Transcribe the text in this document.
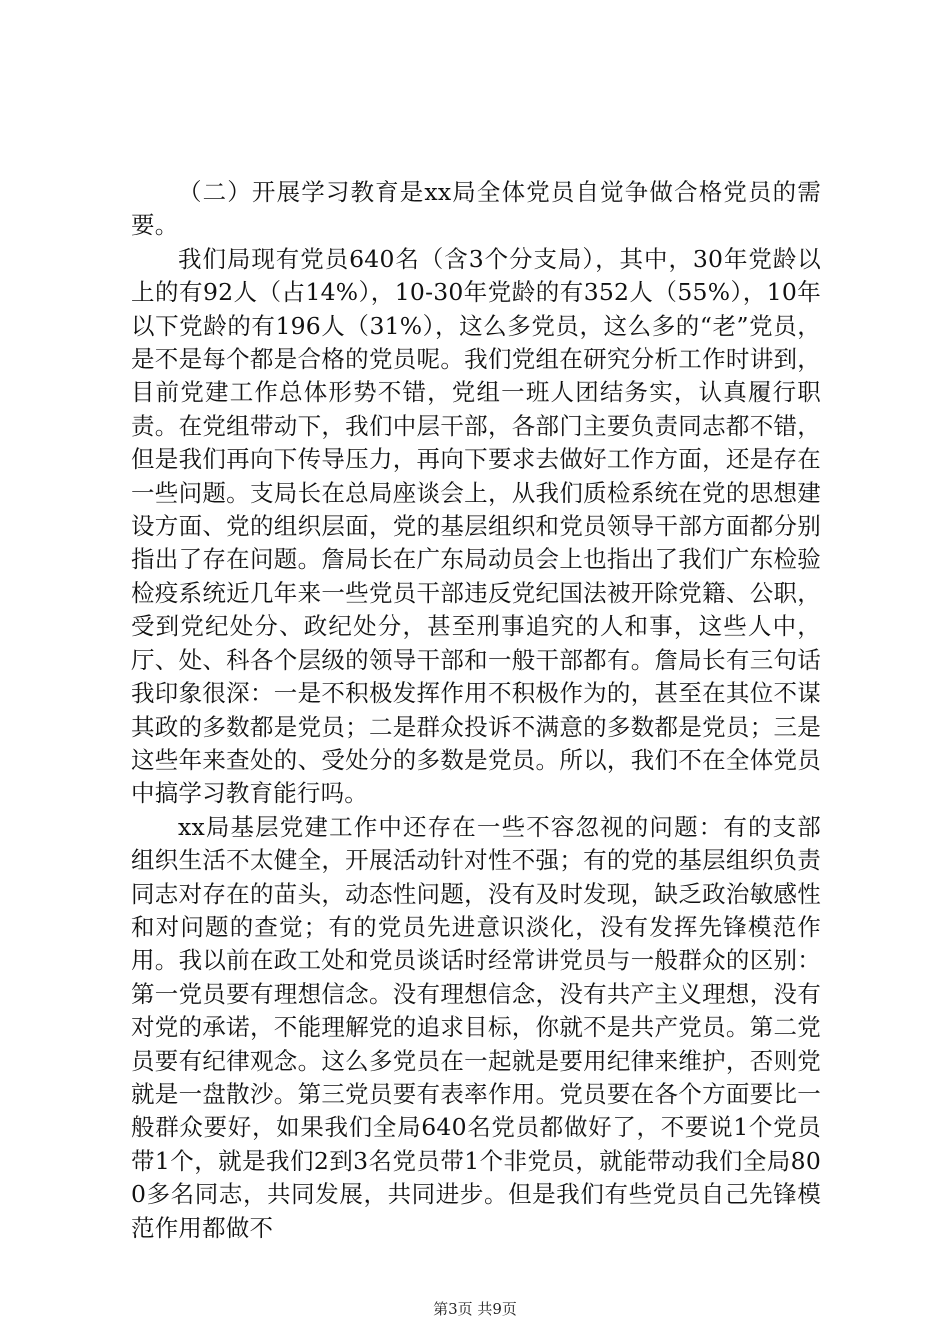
（二）开展学习教育是xx局全体党员自觉争做合格党员的需要。

我们局现有党员640名（含3个分支局），其中，30年党龄以上的有92人（占14%），10-30年党龄的有352人（55%），10年以下党龄的有196人（31%），这么多党员，这么多的“老”党员，是不是每个都是合格的党员呢。我们党组在研究分析工作时讲到，目前党建工作总体形势不错，党组一班人团结务实，认真履行职责。在党组带动下，我们中层干部，各部门主要负责同志都不错，但是我们再向下传导压力，再向下要求去做好工作方面，还是存在一些问题。支局长在总局座谈会上，从我们质检系统在党的思想建设方面、党的组织层面，党的基层组织和党员领导干部方面都分别指出了存在问题。詹局长在广东局动员会上也指出了我们广东检验检疫系统近几年来一些党员干部违反党纪国法被开除党籍、公职，受到党纪处分、政纪处分，甚至刑事追究的人和事，这些人中，厅、处、科各个层级的领导干部和一般干部都有。詹局长有三句话我印象很深：一是不积极发挥作用不积极作为的，甚至在其位不谋其政的多数都是党员；二是群众投诉不满意的多数都是党员；三是这些年来查处的、受处分的多数是党员。所以，我们不在全体党员中搞学习教育能行吗。

xx局基层党建工作中还存在一些不容忽视的问题：有的支部组织生活不太健全，开展活动针对性不强；有的党的基层组织负责同志对存在的苗头，动态性问题，没有及时发现，缺乏政治敏感性和对问题的查觉；有的党员先进意识淡化，没有发挥先锋模范作用。我以前在政工处和党员谈话时经常讲党员与一般群众的区别：第一党员要有理想信念。没有理想信念，没有共产主义理想，没有对党的承诺，不能理解党的追求目标，你就不是共产党员。第二党员要有纪律观念。这么多党员在一起就是要用纪律来维护，否则党就是一盘散沙。第三党员要有表率作用。党员要在各个方面要比一般群众要好，如果我们全局640名党员都做好了，不要说1个党员带1个，就是我们2到3名党员带1个非党员，就能带动我们全局800多名同志，共同发展，共同进步。但是我们有些党员自己先锋模范作用都做不

第3页 共9页
